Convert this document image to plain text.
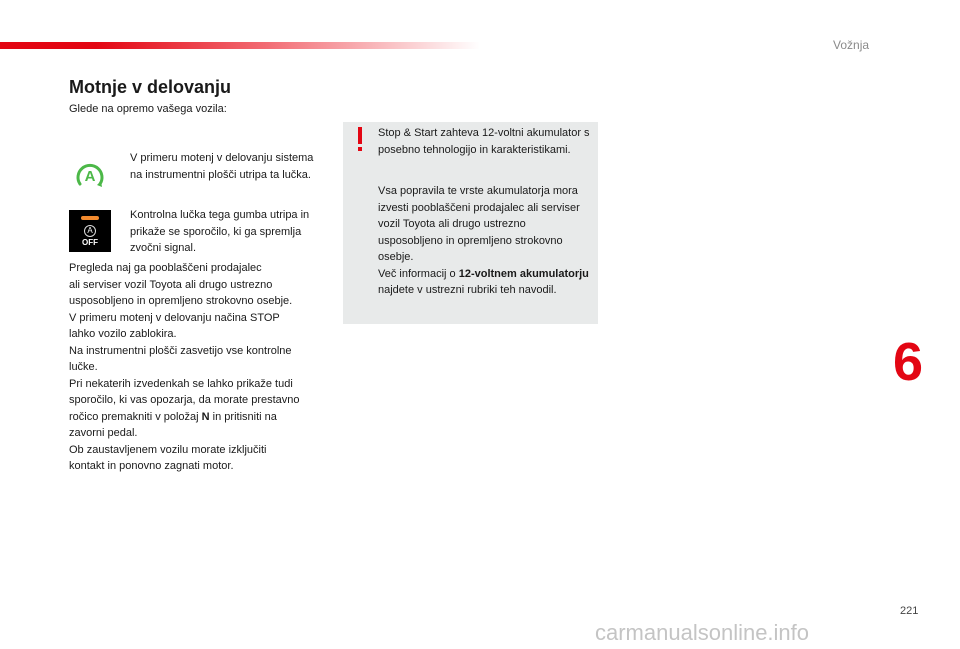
Vožnja
Motnje v delovanju
Glede na opremo vašega vozila:
A
A
OFF

V primeru motenj v delovanju sistema na instrumentni plošči utripa ta lučka.

Kontrolna lučka tega gumba utripa in prikaže se sporočilo, ki ga spremlja zvočni signal.

Pregleda naj ga pooblaščeni prodajalec
ali serviser vozil Toyota ali drugo ustrezno
usposobljeno in opremljeno strokovno osebje.
V primeru motenj v delovanju načina STOP
lahko vozilo zablokira.
Na instrumentni plošči zasvetijo vse kontrolne
lučke.
Pri nekaterih izvedenkah se lahko prikaže tudi
sporočilo, ki vas opozarja, da morate prestavno
ročico premakniti v položaj N in pritisniti na
zavorni pedal.
Ob zaustavljenem vozilu morate izključiti
kontakt in ponovno zagnati motor.

Stop & Start zahteva 12-voltni akumulator s posebno tehnologijo in karakteristikami.

Vsa popravila te vrste akumulatorja mora izvesti pooblaščeni prodajalec ali serviser vozil Toyota ali drugo ustrezno usposobljeno in opremljeno strokovno osebje.
Več informacij o 12-voltnem akumulatorju najdete v ustrezni rubriki teh navodil.

6
221
carmanualsonline.info
